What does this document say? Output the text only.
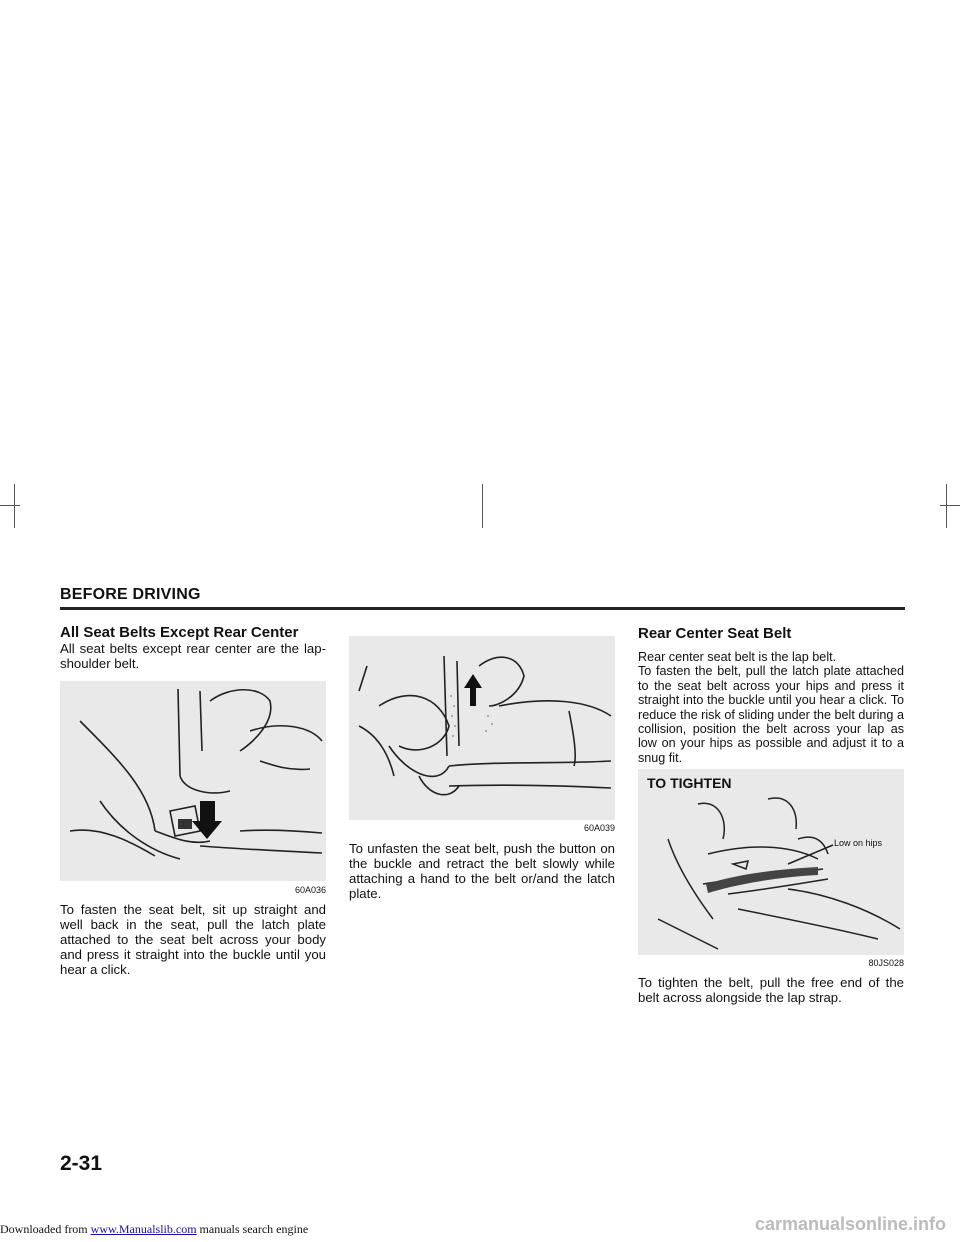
BEFORE DRIVING

All Seat Belts Except Rear Center

All seat belts except rear center are the lap-shoulder belt.

60A036

To fasten the seat belt, sit up straight and well back in the seat, pull the latch plate attached to the seat belt across your body and press it straight into the buckle until you hear a click.

60A039

To unfasten the seat belt, push the button on the buckle and retract the belt slowly while attaching a hand to the belt or/and the latch plate.

Rear Center Seat Belt

Rear center seat belt is the lap belt.

To fasten the belt, pull the latch plate attached to the seat belt across your hips and press it straight into the buckle until you hear a click. To reduce the risk of sliding under the belt during a collision, position the belt across your lap as low on your hips as possible and adjust it to a snug fit.

TO TIGHTEN
Low on hips
80JS028

To tighten the belt, pull the free end of the belt across alongside the lap strap.

2-31
Downloaded from www.Manualslib.com manuals search engine	carmanualsonline.info
